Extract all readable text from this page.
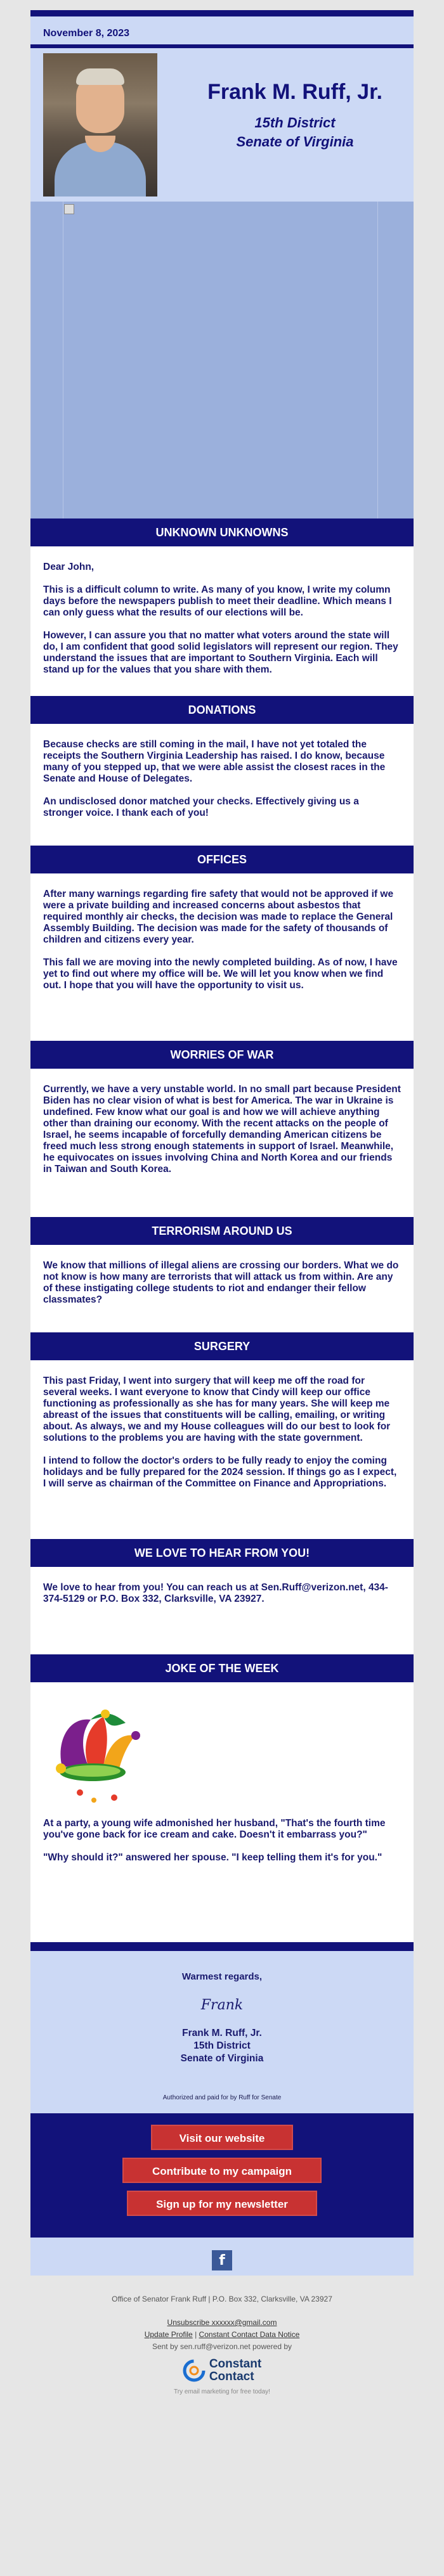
November 8, 2023
Frank M. Ruff, Jr.
15th District
Senate of Virginia
UNKNOWN UNKNOWNS

Dear John,

This is a difficult column to write. As many of you know, I write my column days before the newspapers publish to meet their deadline. Which means I can only guess what the results of our elections will be.

However, I can assure you that no matter what voters around the state will do, I am confident that good solid legislators will represent our region. They understand the issues that are important to Southern Virginia. Each will stand up for the values that you share with them.

DONATIONS

Because checks are still coming in the mail, I have not yet totaled the receipts the Southern Virginia Leadership has raised. I do know, because many of you stepped up, that we were able assist the closest races in the Senate and House of Delegates.

An undisclosed donor matched your checks. Effectively giving us a stronger voice. I thank each of you!

OFFICES

After many warnings regarding fire safety that would not be approved if we were a private building and increased concerns about asbestos that required monthly air checks, the decision was made to replace the General Assembly Building. The decision was made for the safety of thousands of children and citizens every year.

This fall we are moving into the newly completed building. As of now, I have yet to find out where my office will be. We will let you know when we find out. I hope that you will have the opportunity to visit us.

WORRIES OF WAR

Currently, we have a very unstable world. In no small part because President Biden has no clear vision of what is best for America. The war in Ukraine is undefined. Few know what our goal is and how we will achieve anything other than draining our economy. With the recent attacks on the people of Israel, he seems incapable of forcefully demanding American citizens be freed much less strong enough statements in support of Israel. Meanwhile, he equivocates on issues involving China and North Korea and our friends in Taiwan and South Korea.

TERRORISM AROUND US

We know that millions of illegal aliens are crossing our borders. What we do not know is how many are terrorists that will attack us from within. Are any of these instigating college students to riot and endanger their fellow classmates?

SURGERY

This past Friday, I went into surgery that will keep me off the road for several weeks. I want everyone to know that Cindy will keep our office functioning as professionally as she has for many years. She will keep me abreast of the issues that constituents will be calling, emailing, or writing about. As always, we and my House colleagues will do our best to look for solutions to the problems you are having with the state government.

I intend to follow the doctor's orders to be fully ready to enjoy the coming holidays and be fully prepared for the 2024 session. If things go as I expect, I will serve as chairman of the Committee on Finance and Appropriations.

WE LOVE TO HEAR FROM YOU!

We love to hear from you! You can reach us at Sen.Ruff@verizon.net, 434-374-5129 or P.O. Box 332, Clarksville, VA 23927.

JOKE OF THE WEEK

At a party, a young wife admonished her husband, "That's the fourth time you've gone back for ice cream and cake. Doesn't it embarrass you?"

"Why should it?" answered her spouse. "I keep telling them it's for you."

Warmest regards,
Frank
Frank M. Ruff, Jr.
15th District
Senate of Virginia
Authorized and paid for by Ruff for Senate
Visit our website
Contribute to my campaign
Sign up for my newsletter
f
Office of Senator Frank Ruff | P.O. Box 332, Clarksville, VA 23927
Unsubscribe xxxxxx@gmail.com
Update Profile | Constant Contact Data Notice
Sent by sen.ruff@verizon.net powered by
Constant
Contact
Try email marketing for free today!
